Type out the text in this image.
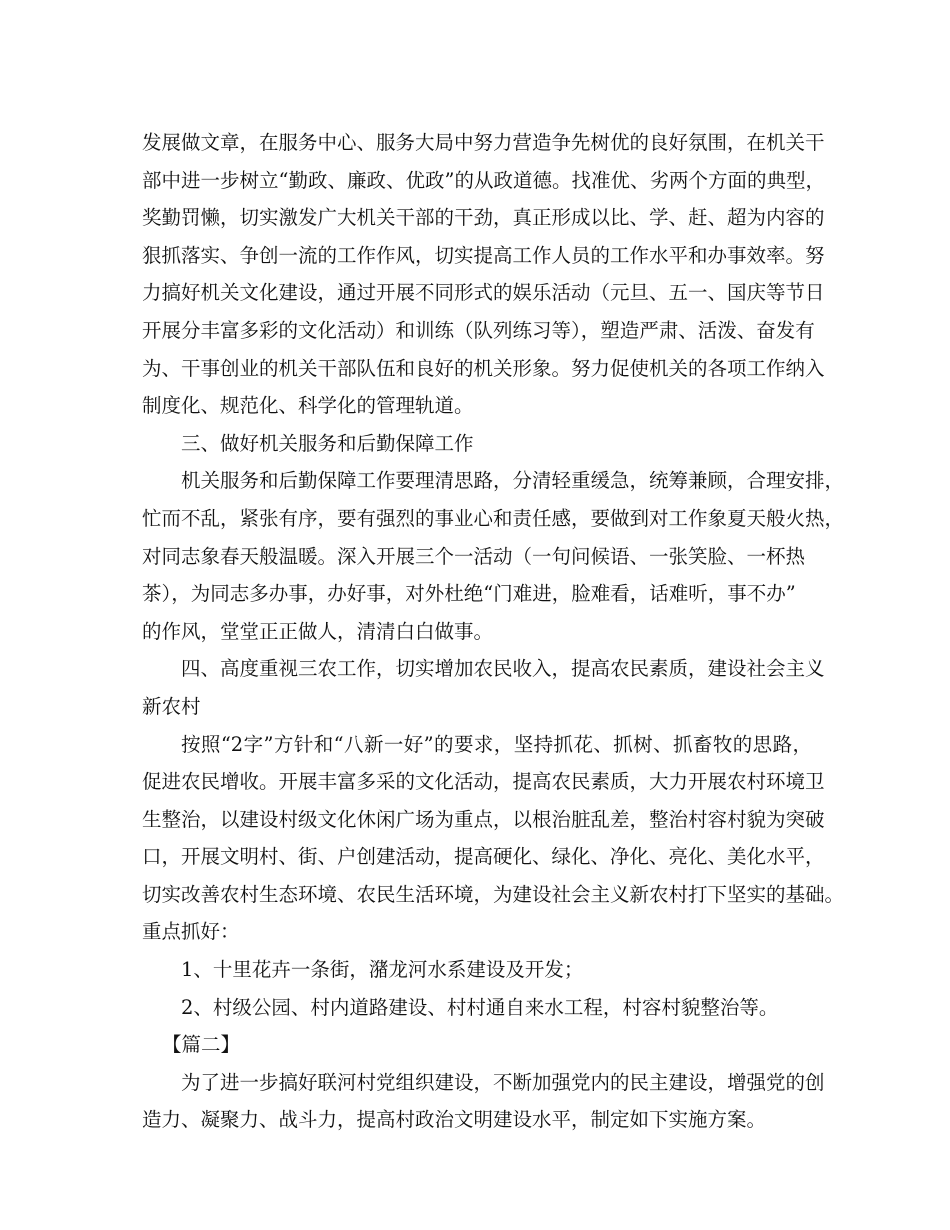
发展做文章，在服务中心、服务大局中努力营造争先树优的良好氛围，在机关干
部中进一步树立“勤政、廉政、优政”的从政道德。找准优、劣两个方面的典型，
奖勤罚懒，切实激发广大机关干部的干劲，真正形成以比、学、赶、超为内容的
狠抓落实、争创一流的工作作风，切实提高工作人员的工作水平和办事效率。努
力搞好机关文化建设，通过开展不同形式的娱乐活动（元旦、五一、国庆等节日
开展分丰富多彩的文化活动）和训练（队列练习等），塑造严肃、活泼、奋发有
为、干事创业的机关干部队伍和良好的机关形象。努力促使机关的各项工作纳入
制度化、规范化、科学化的管理轨道。
三、做好机关服务和后勤保障工作
机关服务和后勤保障工作要理清思路，分清轻重缓急，统筹兼顾，合理安排，
忙而不乱，紧张有序，要有强烈的事业心和责任感，要做到对工作象夏天般火热，
对同志象春天般温暖。深入开展三个一活动（一句问候语、一张笑脸、一杯热
茶），为同志多办事，办好事，对外杜绝“门难进，脸难看，话难听，事不办”
的作风，堂堂正正做人，清清白白做事。
四、高度重视三农工作，切实增加农民收入，提高农民素质，建设社会主义
新农村
按照“2字”方针和“八新一好”的要求，坚持抓花、抓树、抓畜牧的思路，
促进农民增收。开展丰富多采的文化活动，提高农民素质，大力开展农村环境卫
生整治，以建设村级文化休闲广场为重点，以根治脏乱差，整治村容村貌为突破
口，开展文明村、街、户创建活动，提高硬化、绿化、净化、亮化、美化水平，
切实改善农村生态环境、农民生活环境，为建设社会主义新农村打下坚实的基础。
重点抓好：
1、十里花卉一条街，潴龙河水系建设及开发；
2、村级公园、村内道路建设、村村通自来水工程，村容村貌整治等。
【篇二】
为了进一步搞好联河村党组织建设，不断加强党内的民主建设，增强党的创
造力、凝聚力、战斗力，提高村政治文明建设水平，制定如下实施方案。
